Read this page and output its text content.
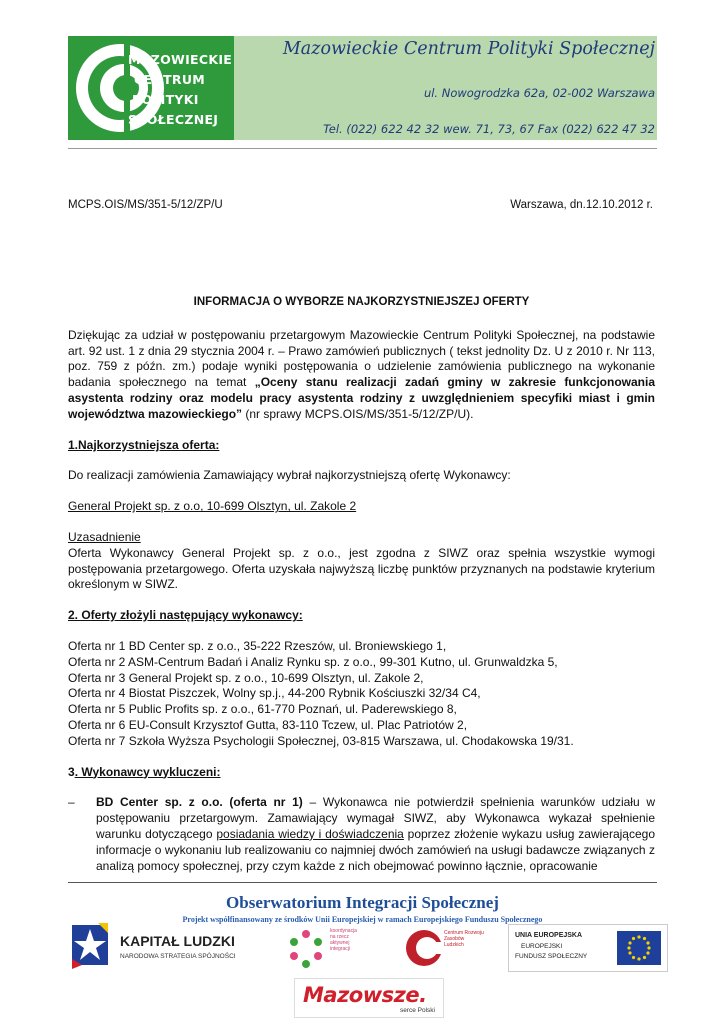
MAZOWIECKIE
CENTRUM
POLITYKI
SPOŁECZNEJ
Mazowieckie Centrum Polityki Społecznej
ul. Nowogrodzka 62a, 02-002 Warszawa
Tel. (022) 622 42 32 wew. 71, 73, 67 Fax (022) 622 47 32
MCPS.OIS/MS/351-5/12/ZP/U	Warszawa, dn.12.10.2012 r.
INFORMACJA O WYBORZE NAJKORZYSTNIEJSZEJ OFERTY

Dziękując za udział w postępowaniu przetargowym Mazowieckie Centrum Polityki Społecznej, na podstawie art. 92 ust. 1 z dnia 29 stycznia 2004 r. – Prawo zamówień publicznych ( tekst jednolity Dz. U z 2010 r. Nr 113, poz. 759 z późn. zm.) podaje wyniki postępowania o udzielenie zamówienia publicznego na wykonanie badania społecznego na temat „Oceny stanu realizacji zadań gminy w zakresie funkcjonowania asystenta rodziny oraz modelu pracy asystenta rodziny z uwzględnieniem specyfiki miast i gmin województwa mazowieckiego” (nr sprawy MCPS.OIS/MS/351-5/12/ZP/U).

1.Najkorzystniejsza oferta:

Do realizacji zamówienia Zamawiający wybrał najkorzystniejszą ofertę Wykonawcy:

General Projekt sp. z o.o, 10-699 Olsztyn, ul. Zakole 2

Uzasadnienie

Oferta Wykonawcy General Projekt sp. z o.o., jest zgodna z SIWZ oraz spełnia wszystkie wymogi postępowania przetargowego. Oferta uzyskała najwyższą liczbę punktów przyznanych na podstawie kryterium określonym w SIWZ.

2. Oferty złożyli następujący wykonawcy:

Oferta nr 1 BD Center sp. z o.o., 35-222 Rzeszów, ul. Broniewskiego 1,

Oferta nr 2 ASM-Centrum Badań i Analiz Rynku sp. z o.o., 99-301 Kutno, ul. Grunwaldzka 5,

Oferta nr 3 General Projekt sp. z o.o., 10-699 Olsztyn, ul. Zakole 2,

Oferta nr 4 Biostat Piszczek, Wolny sp.j., 44-200 Rybnik Kościuszki 32/34 C4,

Oferta nr 5 Public Profits sp. z o.o., 61-770 Poznań, ul. Paderewskiego 8,

Oferta nr 6 EU-Consult Krzysztof Gutta, 83-110 Tczew, ul. Plac Patriotów 2,

Oferta nr 7 Szkoła Wyższa Psychologii Społecznej, 03-815 Warszawa, ul. Chodakowska 19/31.

3. Wykonawcy wykluczeni:

– BD Center sp. z o.o. (oferta nr 1) – Wykonawca nie potwierdził spełnienia warunków udziału w postępowaniu przetargowym. Zamawiający wymagał SIWZ, aby Wykonawca wykazał spełnienie warunku dotyczącego posiadania wiedzy i doświadczenia poprzez złożenie wykazu usług zawierającego informacje o wykonaniu lub realizowaniu co najmniej dwóch zamówień na usługi badawcze związanych z analizą pomocy społecznej, przy czym każde z nich obejmować powinno łącznie, opracowanie

Obserwatorium Integracji Społecznej
Projekt współfinansowany ze środków Unii Europejskiej w ramach Europejskiego Funduszu Społecznego
KAPITAŁ LUDZKI
NARODOWA STRATEGIA SPÓJNOŚCI
koordynacja na rzecz aktywnej integracji
Centrum Rozwoju Zasobów Ludzkich
UNIA EUROPEJSKA
EUROPEJSKI
FUNDUSZ SPOŁECZNY
Mazowsze.
serce Polski
